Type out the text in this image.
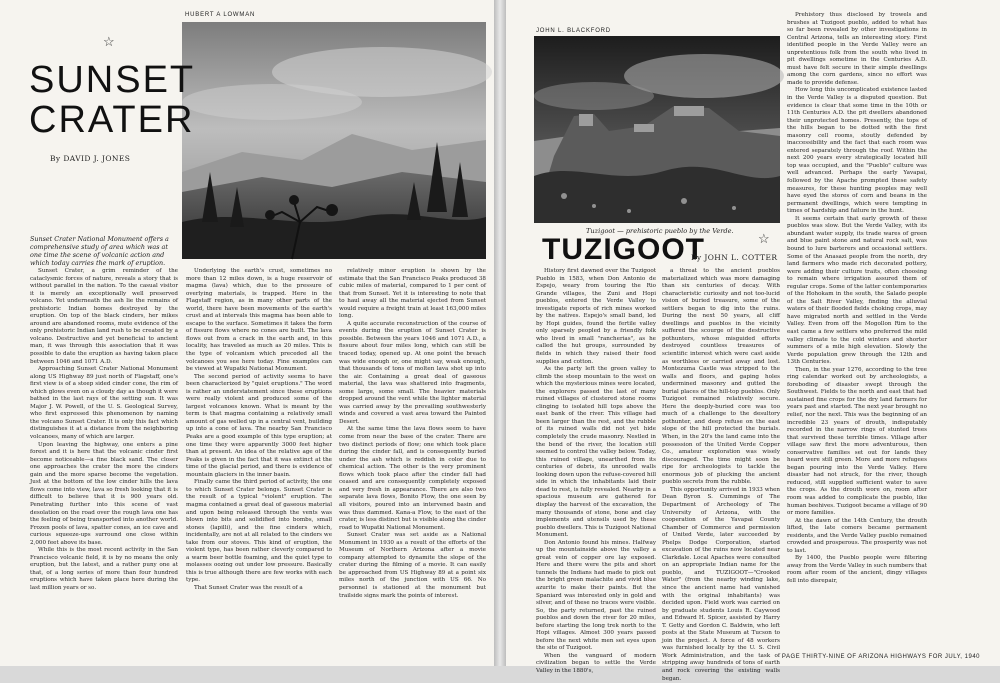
☆
HUBERT A LOWMAN
SUNSET
CRATER
By DAVID J. JONES
Sunset Crater National Monument offers a comprehensive study of area which was at one time the scene of volcanic action and which today carries the mark of eruption.

Sunset Crater, a grim reminder of the cataclysmic forces of nature, reveals a story that is without parallel in the nation. To the casual visitor it is merely an exceptionally well preserved volcano. Yet underneath the ash lie the remains of prehistoric Indian homes destroyed by the eruption. On top of the black cinders, her mikes around are abandoned rooms, mute evidence of the only prehistoric Indian land rush to be created by a volcano. Destructive and yet beneficial to ancient man, it was through this association that it was possible to date the eruption as having taken place between 1046 and 1071 A.D.

Approaching Sunset Crater National Monument along US Highway 89 just north of Flagstaff, one's first view is of a steep sided cinder cone, the rim of which glows even on a cloudy day as though it were bathed in the last rays of the setting sun. It was Major J. W. Powell, of the U. S. Geological Survey, who first expressed this phenomenon by naming the volcano Sunset Crater. It is only this fact which distinguishes it at a distance from the neighboring volcanoes, many of which are larger.

Upon leaving the highway, one enters a pine forest and it is here that the volcanic cinder first become noticeable—a fine black sand. The closer one approaches the crater the more the cinders gain and the more sparse become the vegetation. Just at the bottom of the low cinder hills the lava flows come into view, lava so fresh looking that it is difficult to believe that it is 900 years old. Penetrating further into this scene of vast desolation on the road over the rough lava one has the feeling of being transported into another world. Frozen pools of lava, spatter cones, an ice cave and curious squeeze-ups surround one close within 2,000 feet above its base.

While this is the most recent activity in the San Francisco volcanic field, it is by no means the only eruption, but the latest, and a rather puny one at that, of a long series of more than four hundred eruptions which have taken place here during the last million years or so.

Underlying the earth's crust, sometimes no more than 12 miles down, is a huge reservoir of magma (lava) which, due to the pressure of overlying materials, is trapped. Here in the Flagstaff region, as in many other parts of the world, there have been movements of the earth's crust and at intervals this magma has been able to escape to the surface. Sometimes it takes the form of fissure flows where no cones are built. The lava flows out from a crack in the earth and, in this locality, has traveled as much as 20 miles. This is the type of volcanism which preceded all the volcanoes you see here today. Fine examples can be viewed at Wupatki National Monument.

The second period of activity seems to have been characterized by "quiet eruptions." The word is rather an understatement since these eruptions were really violent and produced some of the largest volcanoes known. What is meant by the term is that magma containing a relatively small amount of gas welled up in a central vent, building up into a cone of lava. The nearby San Francisco Peaks are a good example of this type eruption; at one time they were apparently 3000 feet higher than at present. An idea of the relative age of the Peaks is given in the fact that it was extinct at the time of the glacial period, and there is evidence of mountain glaciers in the inner basin.

Finally came the third period of activity, the one to which Sunset Crater belongs. Sunset Crater is the result of a typical "violent" eruption. The magma contained a great deal of gaseous material and upon being released through the vents was blown into bits and solidified into bombs, small stones (lapilli), and the fine cinders which, incidentally, are not at all related to the cinders we take from our stoves. This kind of eruption, the violent type, has been rather cleverly compared to a warm beer bottle foaming, and the quiet type to molasses oozing out under low pressure. Basically this is true although there are few works with each type.

That Sunset Crater was the result of a

relatively minor eruption is shown by the estimate that the San Francisco Peaks produced 38 cubic miles of material, compared to 1 per cent of that from Sunset. Yet it is interesting to note that to haul away all the material ejected from Sunset would require a freight train at least 163,000 miles long.

A quite accurate reconstruction of the course of events during the eruption of Sunset Crater is possible. Between the years 1046 and 1071 A.D., a fissure about four miles long, which can still be traced today, opened up. At one point the breach was wide enough or, one might say, weak enough, that thousands of tons of molten lava shot up into the air. Containing a great deal of gaseous material, the lava was shattered into fragments, some large, some small. The heavier materials dropped around the vent while the lighter material was carried away by the prevailing southwesterly winds and covered a vast area toward the Painted Desert.

At the same time the lava flows seem to have come from near the base of the crater. There are two distinct periods of flow; one which took place during the cinder fall, and is consequently buried under the ash which is reddish in color due to chemical action. The other is the very prominent flows which took place after the cinder fall had ceased and are consequently completely exposed and very fresh in appearance. There are also two separate lava flows, Bonito Flow, the one seen by all visitors, poured into an intervened basin and was thus dammed. Kana-a Flow, to the east of the crater, is less distinct but is visible along the cinder road to Wupatki National Monument.

Sunset Crater was set aside as a National Monument in 1930 as a result of the efforts of the Museum of Northern Arizona after a movie company attempted to dynamite the slope of the crater during the filming of a movie. It can easily be approached from US Highway 89 at a point six miles north of the junction with US 66. No personnel is stationed at the monument but trailside signs mark the points of interest.

JOHN L. BLACKFORD
Tuzigoot — prehistoric pueblo by the Verde.
TUZIGOOT
By JOHN L. COTTER
☆

History first dawned over the Tuzigoot Pueblo in 1583, when Don Antonio de Espejo, weary from touring the Rio Grande villages, the Zuni and Hopi pueblos, entered the Verde Valley to investigate reports of rich mines worked by the natives. Espejo's small band, led by Hopi guides, found the fertile valley only sparsely peopled by a friendly folk who lived in small "rancherias", as he called the hut groups, surrounded by fields in which they raised their food supplies and cotton.

As the party left the green valley to climb the steep mountain to the west on which the mysterious mines were located, the explorers passed the last of many ruined villages of clustered stone rooms clinging to isolated hill tops above the east bank of the river. This village had been larger than the rest, and the rubble of its ruined walls did not yet hide completely the crude masonry. Nestled in the bend of the river, the location still seemed to control the valley below. Today, this ruined village, unearthed from its centuries of debris, its unroofed walls looking down upon the refuse-covered hill side in which the inhabitants laid their dead to rest, is fully revealed. Nearby in a spacious museum are gathered for display the harvest of the excavation, the many thousands of stone, bone and clay implements and utensils used by these pueblo dwellers. This is Tuzigoot National Monument.

Don Antonio found his mines. Halfway up the mountainside above the valley a great vein of copper ore lay exposed. Here and there were the pits and short tunnels the Indians had made to pick out the bright green malachite and vivid blue azurite to make their paints. But the Spaniard was interested only in gold and silver, and of these no traces were visible. So, the party returned, past the ruined pueblos and down the river for 20 miles, before starting the long trek north to the Hopi villages. Almost 300 years passed before the next white men set eyes upon the site of Tuzigoot.

When the vanguard of modern civilization began to settle the Verde Valley in the 1880's,

a threat to the ancient pueblos materialized which was more damaging than six centuries of decay. With characteristic curiosity and not too-lucid vision of buried treasure, some of the settlers began to dig into the ruins. During the next 50 years, all cliff dwellings and pueblos in the vicinity suffered the scourge of the destructive pothunters, whose misguided efforts destroyed countless treasures of scientific interest which were cast aside as worthless or carried away and lost. Montezuma Castle was stripped to the walls and floors, and gaping holes undermined masonry and gutted the burial places of the hill-top pueblos. Only Tuzigoot remained relatively secure. Here the deeply-buried core was too much of a challenge to the desultory pothunter, and deep refuse on the east slope of the hill protected the burials. When, in the 20's the land came into the possession of the United Verde Copper Co., amateur exploration was wisely discouraged. The time might soon be ripe for archeologists to tackle the enormous job of plucking the ancient pueblo secrets from the rubble.

This opportunity arrived in 1933 when Dean Byron S. Cummings of The Department of Archeology of The University of Arizona, with the cooperation of the Yavapai County Chamber of Commerce and permission of United Verde, later succeeded by Phelps Dodge Corporation, started excavation of the ruins now located near Clarkdale. Local Apaches were consulted on an appropriate Indian name for the pueblo, and TUZIGOOT—"Crooked Water" (from the nearby winding lake, since the ancient name had vanished with the original inhabitants) was decided upon. Field work was carried on by graduate students Louis R. Caywood and Edward H. Spicer, assisted by Harry T. Getty and Gordon C. Baldwin, who left posts at the State Museum at Tucson to join the project. A force of 48 workers was furnished locally by the U. S. Civil Work Administration, and the task of stripping away hundreds of tons of earth and rock covering the existing walls began.

Prehistory thus disclosed by trowels and brushes at Tuzigoot pueblo, added to what has so far been revealed by other investigations in Central Arizona, tells an interesting story. First identified people in the Verde Valley were an unpretentious folk from the south who lived in pit dwellings sometime in the Centuries A.D. must have felt secure in their simple dwellings among the corn gardens, since no effort was made to provide defense.

How long this uncomplicated existence lasted in the Verde Valley is a disputed question. But evidence is clear that some time in the 10th or 11th Centuries A.D. the pit dwellers abandoned their unprotected homes. Presently, the tops of the hills began to be dotted with the first masonry cell rooms, stoutly defended by inaccessibility and the fact that each room was entered separately through the roof. Within the next 200 years every strategically located hill top was occupied, and the "Pueblo" culture was well advanced. Perhaps the early Yavapai, followed by the Apache prompted these safety measures, for these hunting peoples may well have eyed the stores of corn and beans in the permanent dwellings, which were tempting in times of hardship and failure in the hunt.

It seems certain that early growth of these pueblos was slow. But the Verde Valley, with its abundant water supply, its trade wares of green and blue paint stone and natural rock salt, was bound to lure barterers and occasional settlers. Some of the Anasazi people from the north, dry land farmers who made rich decorated pottery, were adding their culture traits, often choosing to remain where irrigation assured them of regular crops. Some of the latter contemporaries of the Hohokam in the south, the Salado people of the Salt River Valley, finding the alluvial waters of their flooded fields choking crops, may have migrated north and settled in the Verde Valley. Even from off the Mogollon Rim to the east came a few settlers who preferred the mild valley climate to the cold winters and shorter summers of a mile high elevation. Slowly the Verde population grew through the 12th and 13th Centuries.

Then, in the year 1276, according to the tree ring calendar worked out by archeologists, a foreboding of disaster swept through the Southwest. Fields to the north and east that had sustained fine crops for the dry land farmers for years past and started. The next year brought no relief, nor the next. This was the beginning of an incredible 23 years of drouth, indisputably recorded in the narrow rings of stunted trees that survived these terrible times. Village after village saw first the more adventurous, then conservative families set out for lands they heard were still green. More and more refugees began pouring into the Verde Valley. Here disaster had not struck, for the river, though reduced, still supplied sufficient water to save the crops. As the drouth wore on, room after room was added to complicate the pueblo, like human beehives. Tuzigoot became a village of 90 or more families.

At the dawn of the 14th Century, the drouth lifted, the late comers became permanent residents, and the Verde Valley pueblo remained crowded and prosperous. The prosperity was not to last.

By 1400, the Pueblo people were filtering away from the Verde Valley in such numbers that room after room of the ancient, dingy villages fell into disrepair,

PAGE THIRTY-NINE OF ARIZONA HIGHWAYS FOR JULY, 1940
